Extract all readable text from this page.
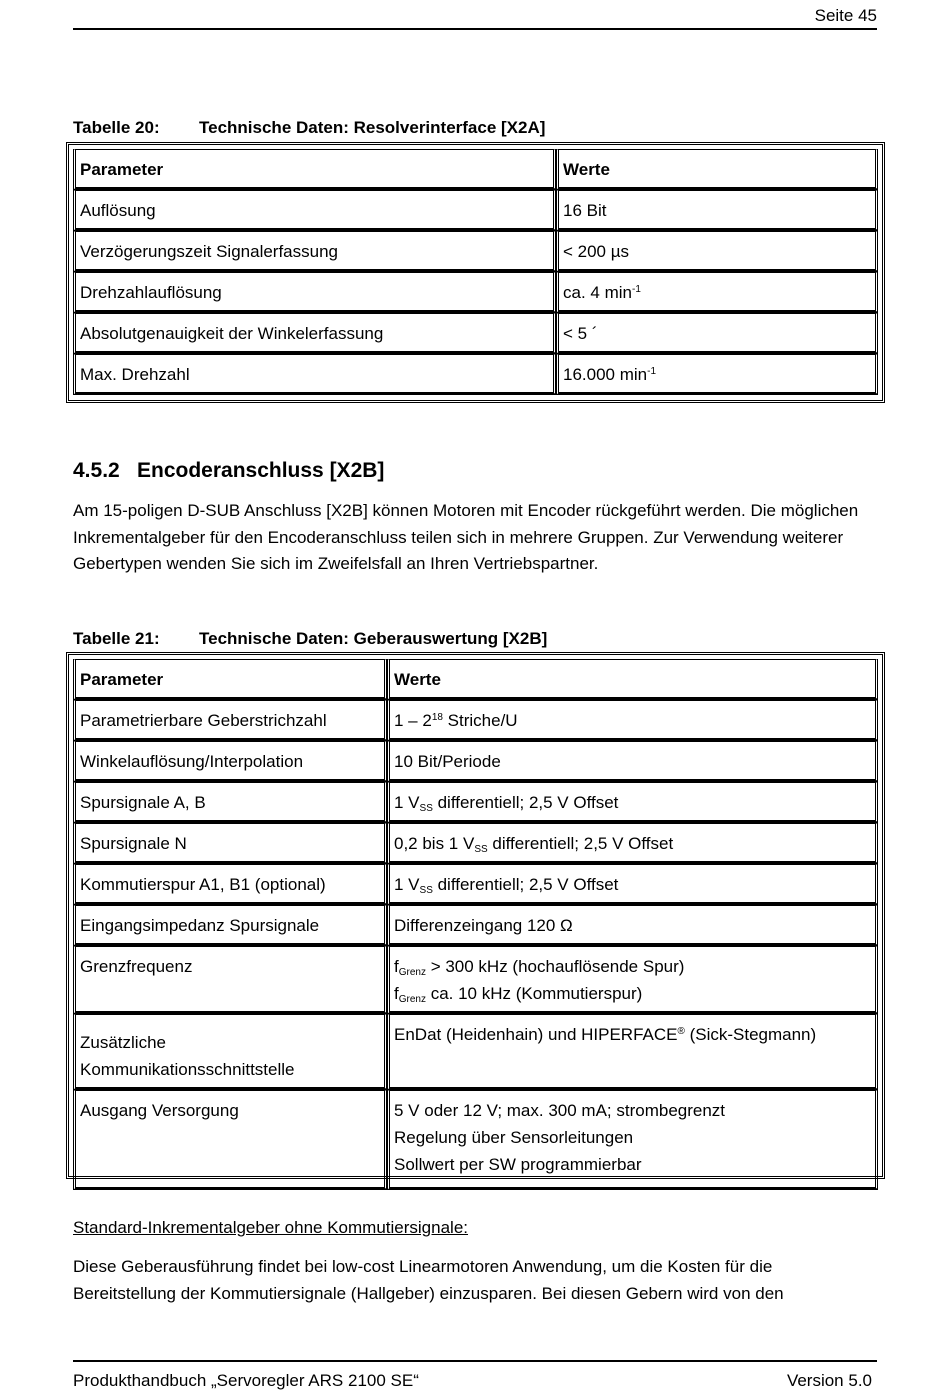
Seite 45
Tabelle 20: Technische Daten: Resolverinterface [X2A]
Parameter	Werte
Auflösung	16 Bit
Verzögerungszeit Signalerfassung	< 200 µs
Drehzahlauflösung	ca. 4 $\min^{-1}$
Absolutgenauigkeit der Winkelerfassung	< 5 ´
Max. Drehzahl	16.000 $\min^{-1}$
4.5.2 Encoderanschluss [X2B]
Am 15-poligen D-SUB Anschluss [X2B] können Motoren mit Encoder rückgeführt werden. Die möglichen Inkrementalgeber für den Encoderanschluss teilen sich in mehrere Gruppen. Zur Verwendung weiterer Gebertypen wenden Sie sich im Zweifelsfall an Ihren Vertriebspartner.
Tabelle 21: Technische Daten: Geberauswertung [X2B]
Parameter	Werte
Parametrierbare Geberstrichzahl	$1 - 2^{18}$ Striche/U
Winkelauflösung/Interpolation	10 Bit/Periode
Spursignale A, B	1 $V_{SS}$ differentiell; 2,5 V Offset
Spursignale N	0,2 bis 1 $V_{SS}$ differentiell; 2,5 V Offset
Kommutierspur A1, B1 (optional)	1 $V_{SS}$ differentiell; 2,5 V Offset
Eingangsimpedanz Spursignale	Differenzeingang 120 Ω
Grenzfrequenz	$f_{Grenz} > 300$ kHz (hochauflösende Spur)
$f_{Grenz}$ ca. 10 kHz (Kommutierspur)

Zusätzliche
Kommunikationsschnittstelle	EnDat (Heidenhain) und HIPERFACE® (Sick-Stegmann)
Ausgang Versorgung	5 V oder 12 V; max. 300 mA; strombegrenzt
Regelung über Sensorleitungen
Sollwert per SW programmierbar
Standard-Inkrementalgeber ohne Kommutiersignale:
Diese Geberausführung findet bei low-cost Linearmotoren Anwendung, um die Kosten für die Bereitstellung der Kommutiersignale (Hallgeber) einzusparen. Bei diesen Gebern wird von den
Produkthandbuch „Servoregler ARS 2100 SE“	Version 5.0
